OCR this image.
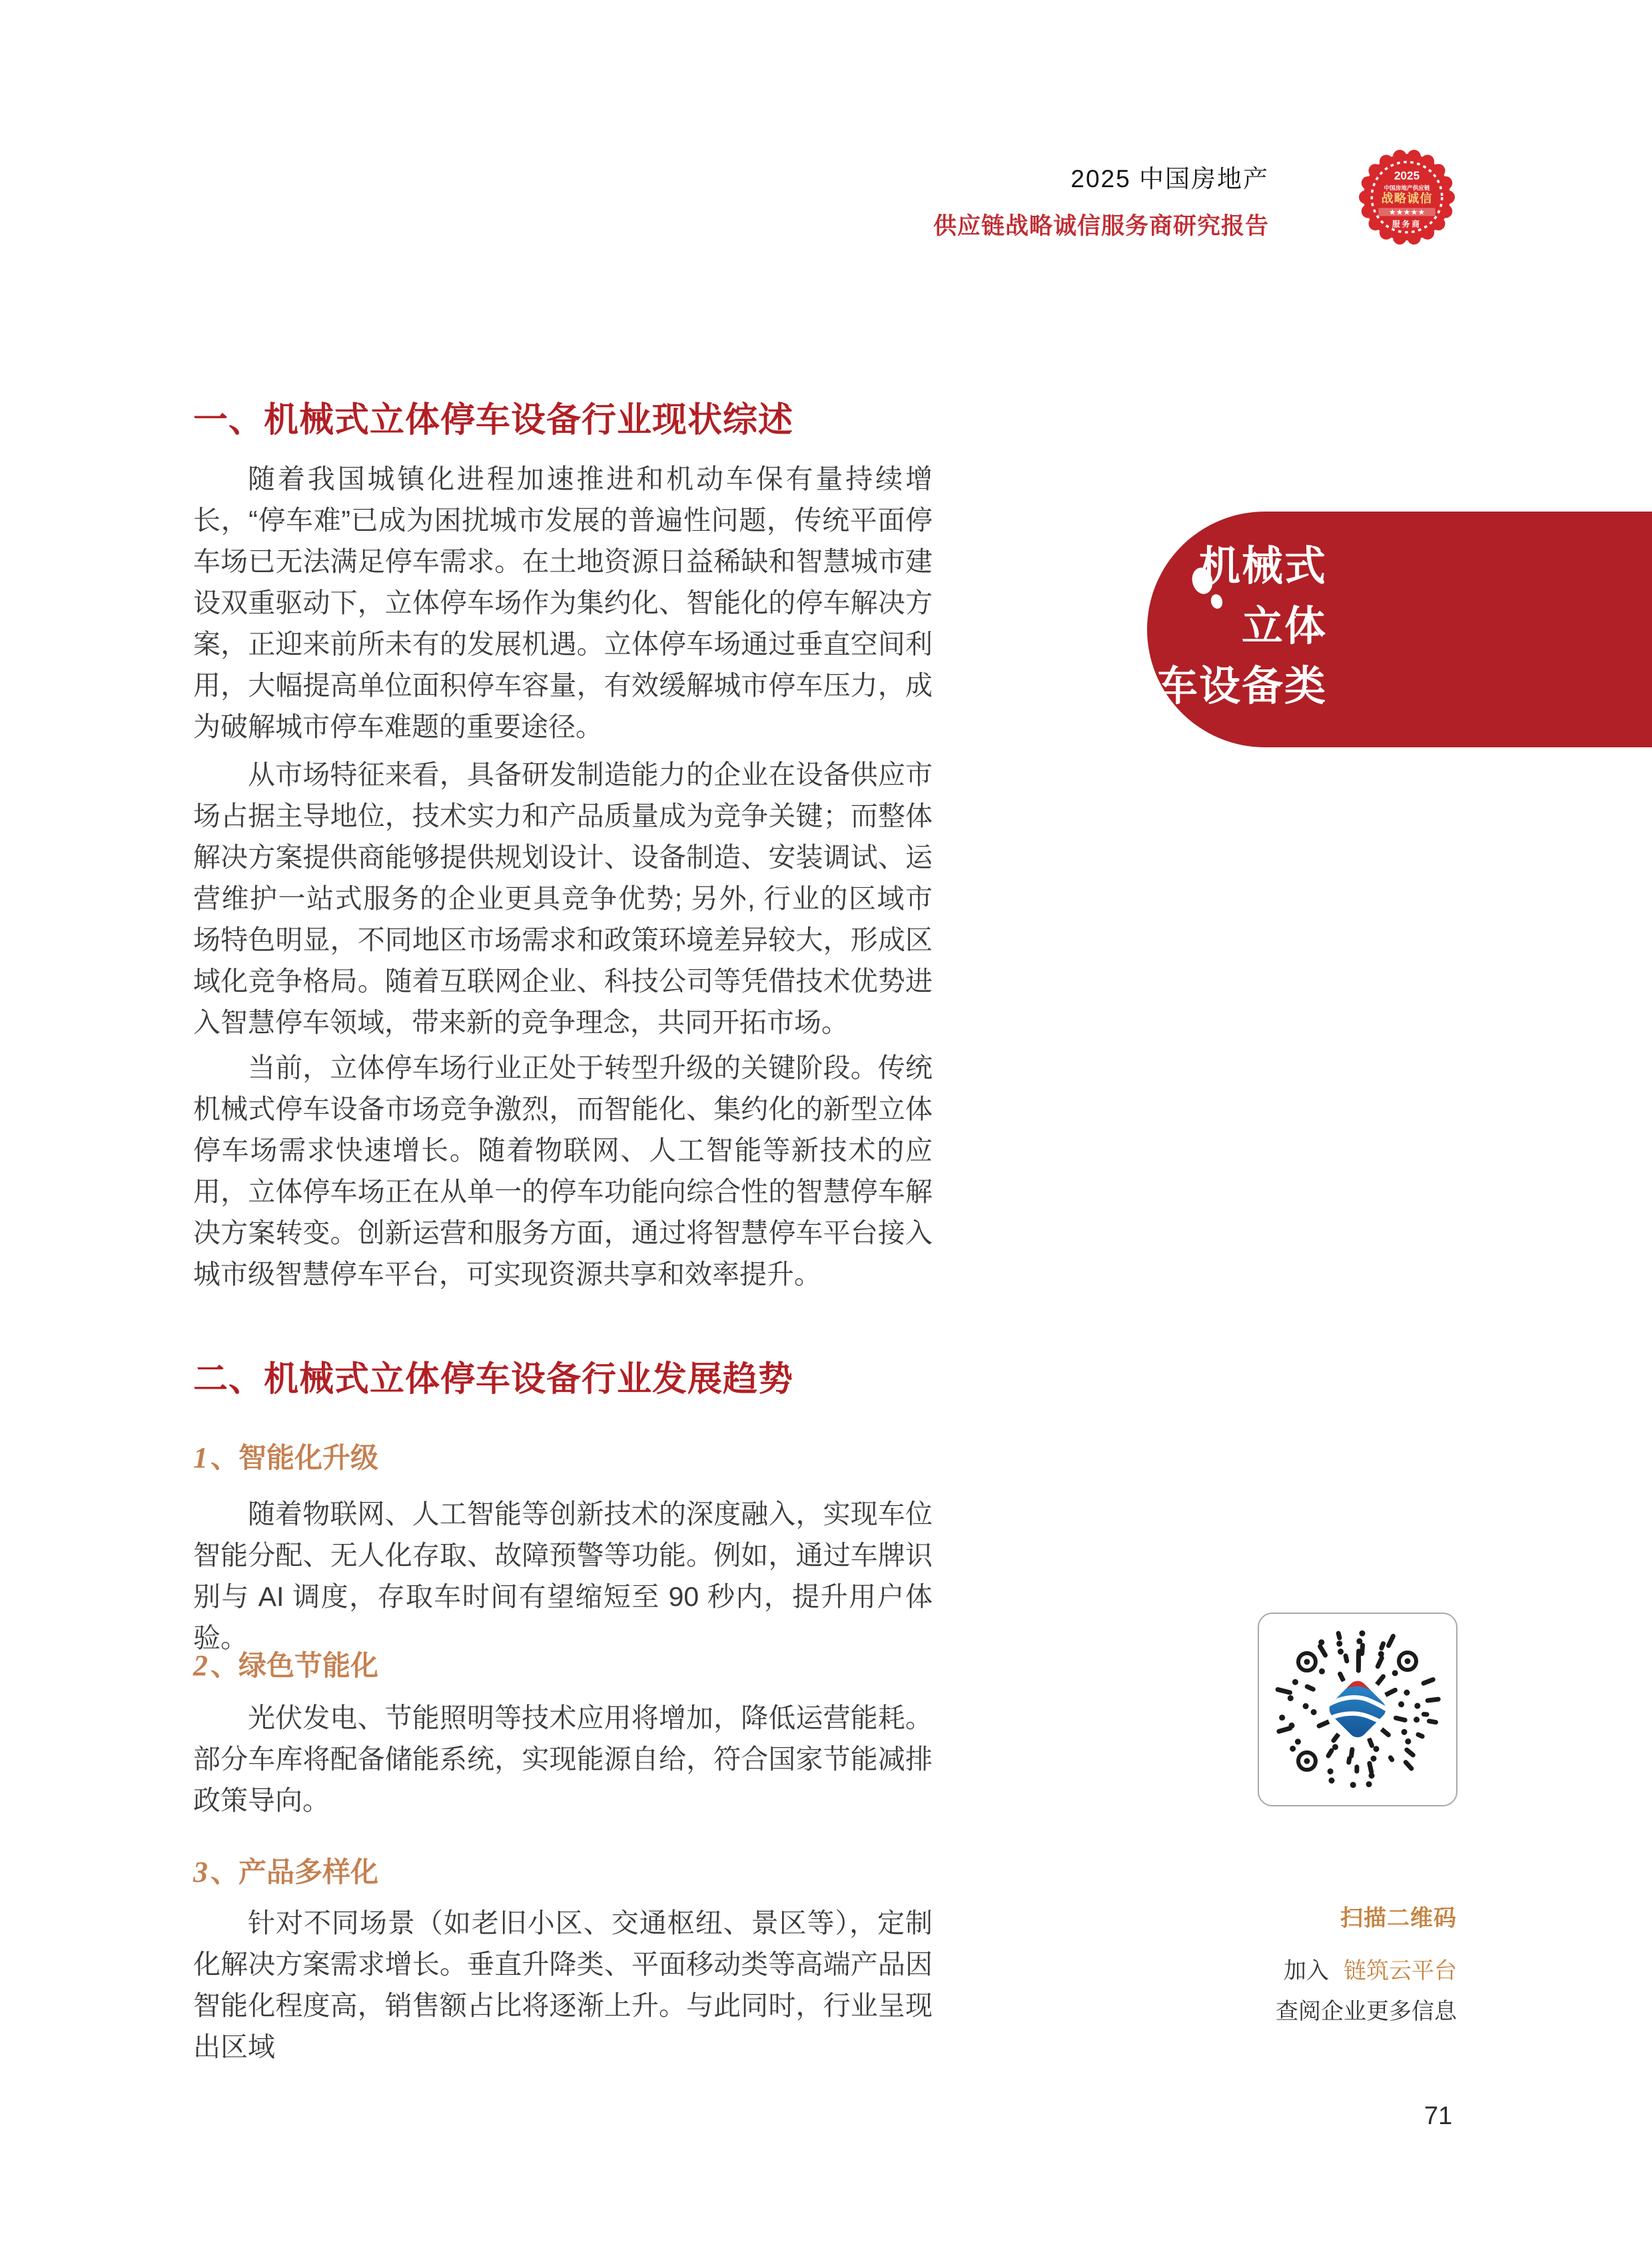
2025 中国房地产
供应链战略诚信服务商研究报告
2025
中国房地产供应链
战略诚信
★★★★★
服务商
一、机械式立体停车设备行业现状综述

随着我国城镇化进程加速推进和机动车保有量持续增长，“停车难”已成为困扰城市发展的普遍性问题，传统平面停车场已无法满足停车需求。在土地资源日益稀缺和智慧城市建设双重驱动下，立体停车场作为集约化、智能化的停车解决方案，正迎来前所未有的发展机遇。立体停车场通过垂直空间利用，大幅提高单位面积停车容量，有效缓解城市停车压力，成为破解城市停车难题的重要途径。

从市场特征来看，具备研发制造能力的企业在设备供应市场占据主导地位，技术实力和产品质量成为竞争关键；而整体解决方案提供商能够提供规划设计、设备制造、安装调试、运营维护一站式服务的企业更具竞争优势; 另外, 行业的区域市场特色明显，不同地区市场需求和政策环境差异较大，形成区域化竞争格局。随着互联网企业、科技公司等凭借技术优势进入智慧停车领域，带来新的竞争理念，共同开拓市场。

当前，立体停车场行业正处于转型升级的关键阶段。传统机械式停车设备市场竞争激烈，而智能化、集约化的新型立体停车场需求快速增长。随着物联网、人工智能等新技术的应用，立体停车场正在从单一的停车功能向综合性的智慧停车解决方案转变。创新运营和服务方面，通过将智慧停车平台接入城市级智慧停车平台，可实现资源共享和效率提升。

二、机械式立体停车设备行业发展趋势
1、智能化升级

随着物联网、人工智能等创新技术的深度融入，实现车位智能分配、无人化存取、故障预警等功能。例如，通过车牌识别与 AI 调度，存取车时间有望缩短至 90 秒内，提升用户体验。

2、绿色节能化

光伏发电、节能照明等技术应用将增加，降低运营能耗。部分车库将配备储能系统，实现能源自给，符合国家节能减排政策导向。

3、产品多样化

针对不同场景（如老旧小区、交通枢纽、景区等），定制化解决方案需求增长。垂直升降类、平面移动类等高端产品因智能化程度高，销售额占比将逐渐上升。与此同时，行业呈现出区域

机械式
立体
停车设备类
扫描二维码
加入 链筑云平台
查阅企业更多信息
71
